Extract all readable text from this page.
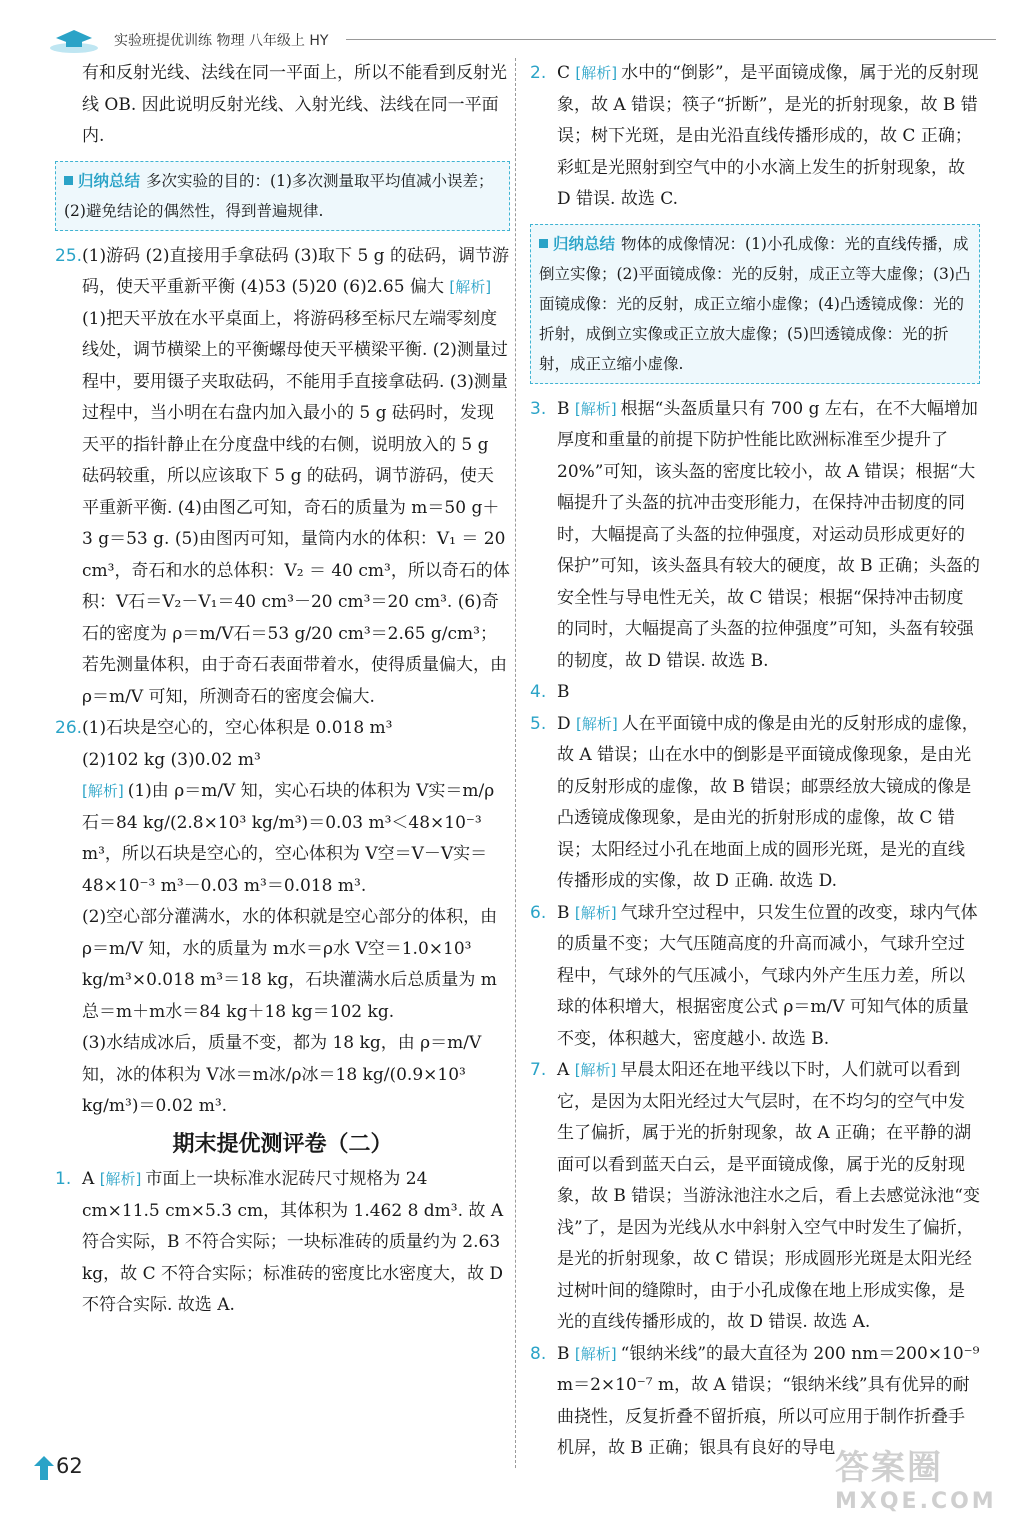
实验班提优训练 物理 八年级上 HY

有和反射光线、法线在同一平面上，所以不能看到反射光线 OB. 因此说明反射光线、入射光线、法线在同一平面内.

归纳总结 多次实验的目的：(1)多次测量取平均值减小误差；(2)避免结论的偶然性，得到普遍规律.
25. (1)游码 (2)直接用手拿砝码 (3)取下 5 g 的砝码，调节游码，使天平重新平衡 (4)53 (5)20 (6)2.65 偏大 [解析](1)把天平放在水平桌面上，将游码移至标尺左端零刻度线处，调节横梁上的平衡螺母使天平横梁平衡. (2)测量过程中，要用镊子夹取砝码，不能用手直接拿砝码. (3)测量过程中，当小明在右盘内加入最小的 5 g 砝码时，发现天平的指针静止在分度盘中线的右侧，说明放入的 5 g 砝码较重，所以应该取下 5 g 的砝码，调节游码，使天平重新平衡. (4)由图乙可知，奇石的质量为 m＝50 g＋3 g＝53 g. (5)由图丙可知，量筒内水的体积：V₁ ＝ 20 cm³，奇石和水的总体积：V₂ ＝ 40 cm³，所以奇石的体积：V石＝V₂－V₁＝40 cm³－20 cm³＝20 cm³. (6)奇石的密度为 ρ＝m/V石＝53 g/20 cm³＝2.65 g/cm³；若先测量体积，由于奇石表面带着水，使得质量偏大，由 ρ＝m/V 可知，所测奇石的密度会偏大.
26. (1)石块是空心的，空心体积是 0.018 m³

(2)102 kg (3)0.02 m³

[解析] (1)由 ρ＝m/V 知，实心石块的体积为 V实＝m/ρ石＝84 kg/(2.8×10³ kg/m³)＝0.03 m³＜48×10⁻³ m³，所以石块是空心的，空心体积为 V空＝V－V实＝48×10⁻³ m³－0.03 m³＝0.018 m³.

(2)空心部分灌满水，水的体积就是空心部分的体积，由 ρ＝m/V 知，水的质量为 m水＝ρ水 V空＝1.0×10³ kg/m³×0.018 m³＝18 kg，石块灌满水后总质量为 m总＝m＋m水＝84 kg＋18 kg＝102 kg.

(3)水结成冰后，质量不变，都为 18 kg，由 ρ＝m/V 知，冰的体积为 V冰＝m冰/ρ冰＝18 kg/(0.9×10³ kg/m³)＝0.02 m³.

期末提优测评卷（二）
1. A [解析] 市面上一块标准水泥砖尺寸规格为 24 cm×11.5 cm×5.3 cm，其体积为 1.462 8 dm³. 故 A 符合实际，B 不符合实际；一块标准砖的质量约为 2.63 kg，故 C 不符合实际；标准砖的密度比水密度大，故 D 不符合实际. 故选 A.
2. C [解析] 水中的“倒影”，是平面镜成像，属于光的反射现象，故 A 错误；筷子“折断”，是光的折射现象，故 B 错误；树下光斑，是由光沿直线传播形成的，故 C 正确；彩虹是光照射到空气中的小水滴上发生的折射现象，故 D 错误. 故选 C.
归纳总结 物体的成像情况：(1)小孔成像：光的直线传播，成倒立实像；(2)平面镜成像：光的反射，成正立等大虚像；(3)凸面镜成像：光的反射，成正立缩小虚像；(4)凸透镜成像：光的折射，成倒立实像或正立放大虚像；(5)凹透镜成像：光的折射，成正立缩小虚像.
3. B [解析] 根据“头盔质量只有 700 g 左右，在不大幅增加厚度和重量的前提下防护性能比欧洲标准至少提升了 20%”可知，该头盔的密度比较小，故 A 错误；根据“大幅提升了头盔的抗冲击变形能力，在保持冲击韧度的同时，大幅提高了头盔的拉伸强度，对运动员形成更好的保护”可知，该头盔具有较大的硬度，故 B 正确；头盔的安全性与导电性无关，故 C 错误；根据“保持冲击韧度的同时，大幅提高了头盔的拉伸强度”可知，头盔有较强的韧度，故 D 错误. 故选 B.
4. B
5. D [解析] 人在平面镜中成的像是由光的反射形成的虚像，故 A 错误；山在水中的倒影是平面镜成像现象，是由光的反射形成的虚像，故 B 错误；邮票经放大镜成的像是凸透镜成像现象，是由光的折射形成的虚像，故 C 错误；太阳经过小孔在地面上成的圆形光斑，是光的直线传播形成的实像，故 D 正确. 故选 D.
6. B [解析] 气球升空过程中，只发生位置的改变，球内气体的质量不变；大气压随高度的升高而减小，气球升空过程中，气球外的气压减小，气球内外产生压力差，所以球的体积增大，根据密度公式 ρ＝m/V 可知气体的质量不变，体积越大，密度越小. 故选 B.
7. A [解析] 早晨太阳还在地平线以下时，人们就可以看到它，是因为太阳光经过大气层时，在不均匀的空气中发生了偏折，属于光的折射现象，故 A 正确；在平静的湖面可以看到蓝天白云，是平面镜成像，属于光的反射现象，故 B 错误；当游泳池注水之后，看上去感觉泳池“变浅”了，是因为光线从水中斜射入空气中时发生了偏折，是光的折射现象，故 C 错误；形成圆形光斑是太阳光经过树叶间的缝隙时，由于小孔成像在地上形成实像，是光的直线传播形成的，故 D 错误. 故选 A.
8. B [解析] “银纳米线”的最大直径为 200 nm＝200×10⁻⁹ m＝2×10⁻⁷ m，故 A 错误；“银纳米线”具有优异的耐曲挠性，反复折叠不留折痕，所以可应用于制作折叠手机屏，故 B 正确；银具有良好的导电
62	答案圈
MXQE.COM
